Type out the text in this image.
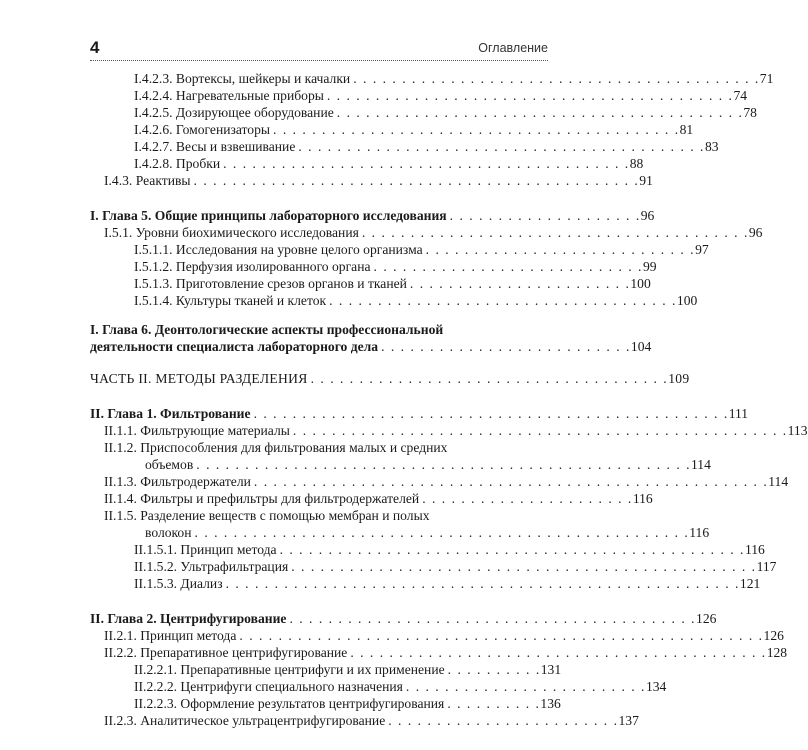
4	Оглавление
I.4.2.3. Вортексы, шейкеры и качалки . . . . . . . . . . . . . . . . . . . . . . . . . . . . . . . . . . . . . . . . . . 71
I.4.2.4. Нагревательные приборы . . . . . . . . . . . . . . . . . . . . . . . . . . . . . . . . . . . . . . . . . . 74
I.4.2.5. Дозирующее оборудование . . . . . . . . . . . . . . . . . . . . . . . . . . . . . . . . . . . . . . . . . . 78
I.4.2.6. Гомогенизаторы . . . . . . . . . . . . . . . . . . . . . . . . . . . . . . . . . . . . . . . . . . 81
I.4.2.7. Весы и взвешивание . . . . . . . . . . . . . . . . . . . . . . . . . . . . . . . . . . . . . . . . . . 83
I.4.2.8. Пробки . . . . . . . . . . . . . . . . . . . . . . . . . . . . . . . . . . . . . . . . . . 88
I.4.3. Реактивы . . . . . . . . . . . . . . . . . . . . . . . . . . . . . . . . . . . . . . . . . . . . . . 91
I. Глава 5. Общие принципы лабораторного исследования . . . . . . . . . . . . . . . . . . . . 96
I.5.1. Уровни биохимического исследования . . . . . . . . . . . . . . . . . . . . . . . . . . . . . . . . . . . . . . . . 96
I.5.1.1. Исследования на уровне целого организма . . . . . . . . . . . . . . . . . . . . . . . . . . . . 97
I.5.1.2. Перфузия изолированного органа . . . . . . . . . . . . . . . . . . . . . . . . . . . . 99
I.5.1.3. Приготовление срезов органов и тканей . . . . . . . . . . . . . . . . . . . . . . . 100
I.5.1.4. Культуры тканей и клеток . . . . . . . . . . . . . . . . . . . . . . . . . . . . . . . . . . . . 100
I. Глава 6. Деонтологические аспекты профессиональной
деятельности специалиста лабораторного дела . . . . . . . . . . . . . . . . . . . . . . . . . . 104
ЧАСТЬ II. МЕТОДЫ РАЗДЕЛЕНИЯ . . . . . . . . . . . . . . . . . . . . . . . . . . . . . . . . . . . . . 109
II. Глава 1. Фильтрование . . . . . . . . . . . . . . . . . . . . . . . . . . . . . . . . . . . . . . . . . . . . . . . . . 111
II.1.1. Фильтрующие материалы . . . . . . . . . . . . . . . . . . . . . . . . . . . . . . . . . . . . . . . . . . . . . . . . . . . 113
II.1.2. Приспособления для фильтрования малых и средних
объемов . . . . . . . . . . . . . . . . . . . . . . . . . . . . . . . . . . . . . . . . . . . . . . . . . . . 114
II.1.3. Фильтродержатели . . . . . . . . . . . . . . . . . . . . . . . . . . . . . . . . . . . . . . . . . . . . . . . . . . . . . 114
II.1.4. Фильтры и префильтры для фильтродержателей . . . . . . . . . . . . . . . . . . . . . . 116
II.1.5. Разделение веществ с помощью мембран и полых
волокон . . . . . . . . . . . . . . . . . . . . . . . . . . . . . . . . . . . . . . . . . . . . . . . . . . . 116
II.1.5.1. Принцип метода . . . . . . . . . . . . . . . . . . . . . . . . . . . . . . . . . . . . . . . . . . . . . . . . 116
II.1.5.2. Ультрафильтрация . . . . . . . . . . . . . . . . . . . . . . . . . . . . . . . . . . . . . . . . . . . . . . . . 117
II.1.5.3. Диализ . . . . . . . . . . . . . . . . . . . . . . . . . . . . . . . . . . . . . . . . . . . . . . . . . . . . . 121
II. Глава 2. Центрифугирование . . . . . . . . . . . . . . . . . . . . . . . . . . . . . . . . . . . . . . . . . . 126
II.2.1. Принцип метода . . . . . . . . . . . . . . . . . . . . . . . . . . . . . . . . . . . . . . . . . . . . . . . . . . . . . . 126
II.2.2. Препаративное центрифугирование . . . . . . . . . . . . . . . . . . . . . . . . . . . . . . . . . . . . . . . . . . . 128
II.2.2.1. Препаративные центрифуги и их применение . . . . . . . . . . 131
II.2.2.2. Центрифуги специального назначения . . . . . . . . . . . . . . . . . . . . . . . . . 134
II.2.2.3. Оформление результатов центрифугирования . . . . . . . . . . 136
II.2.3. Аналитическое ультрацентрифугирование . . . . . . . . . . . . . . . . . . . . . . . . 137
